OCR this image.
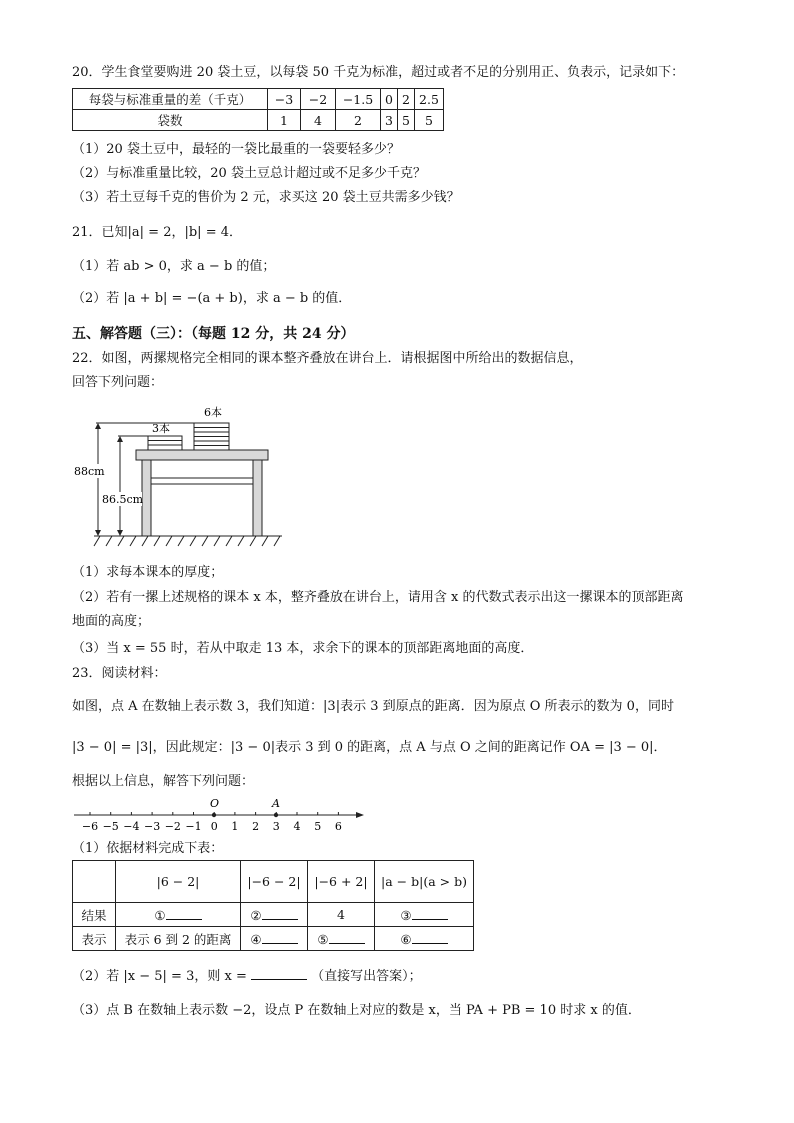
20．学生食堂要购进 20 袋土豆，以每袋 50 千克为标准，超过或者不足的分别用正、负表示，记录如下：
每袋与标准重量的差（千克）	−3	−2	−1.5	0	2	2.5
袋数	1	4	2	3	5	5
（1）20 袋土豆中，最轻的一袋比最重的一袋要轻多少？
（2）与标准重量比较，20 袋土豆总计超过或不足多少千克？
（3）若土豆每千克的售价为 2 元，求买这 20 袋土豆共需多少钱？
21．已知|a| = 2，|b| = 4．
（1）若 ab > 0，求 a − b 的值；
（2）若 |a + b| = −(a + b)，求 a − b 的值．
五、解答题（三）：（每题 12 分，共 24 分）
22．如图，两摞规格完全相同的课本整齐叠放在讲台上．请根据图中所给出的数据信息，
回答下列问题：
6本
3本
88cm
86.5cm
（1）求每本课本的厚度；
（2）若有一摞上述规格的课本 x 本，整齐叠放在讲台上，请用含 x 的代数式表示出这一摞课本的顶部距离
地面的高度；
（3）当 x = 55 时，若从中取走 13 本，求余下的课本的顶部距离地面的高度．
23．阅读材料：
如图，点 A 在数轴上表示数 3，我们知道：|3|表示 3 到原点的距离．因为原点 O 所表示的数为 0，同时
|3 − 0| = |3|，因此规定：|3 − 0|表示 3 到 0 的距离，点 A 与点 O 之间的距离记作 OA = |3 − 0|．
根据以上信息，解答下列问题：
−6 −5 −4 −3 −2 −1 0 1 2 3 4 5 6
O	A
（1）依据材料完成下表：
	|6 − 2|	|−6 − 2|	|−6 + 2|	|a − b|(a > b)
结果	①	②	4	③
表示	表示 6 到 2 的距离	④	⑤	⑥
（2）若 |x − 5| = 3，则 x =	（直接写出答案）；
（3）点 B 在数轴上表示数 −2，设点 P 在数轴上对应的数是 x，当 PA + PB = 10 时求 x 的值．
